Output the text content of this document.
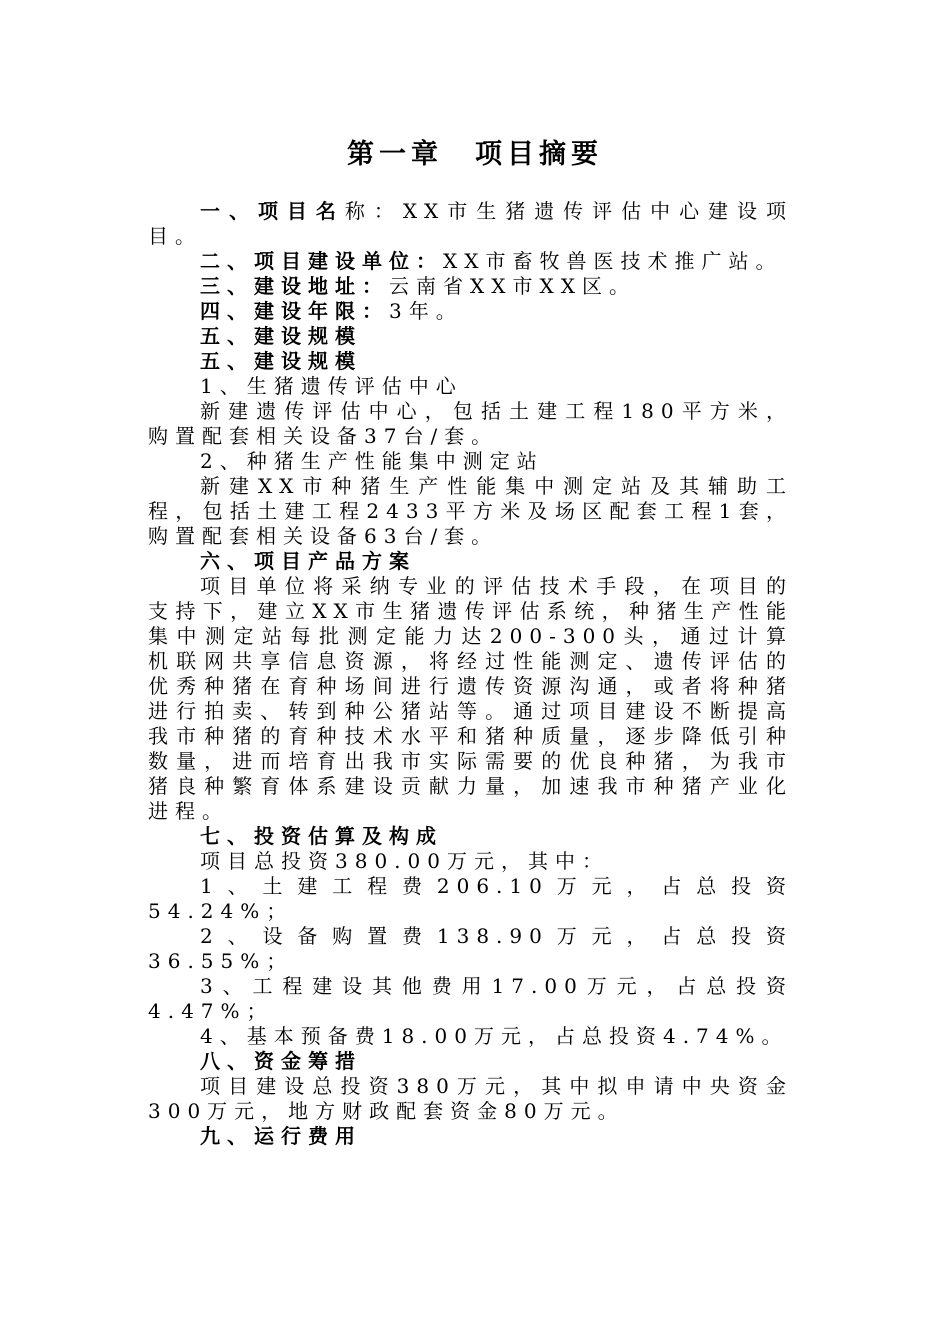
第一章　项目摘要

一、项目名称：XX市生猪遗传评估中心建设项目。

二、项目建设单位：XX市畜牧兽医技术推广站。

三、建设地址：云南省XX市XX区。

四、建设年限：3年。

五、建设规模

五、建设规模

1、生猪遗传评估中心

新建遗传评估中心，包括土建工程180平方米，购置配套相关设备37台/套。

2、种猪生产性能集中测定站

新建XX市种猪生产性能集中测定站及其辅助工程，包括土建工程2433平方米及场区配套工程1套，购置配套相关设备63台/套。

六、项目产品方案

项目单位将采纳专业的评估技术手段，在项目的支持下，建立XX市生猪遗传评估系统，种猪生产性能集中测定站每批测定能力达200-300头，通过计算机联网共享信息资源，将经过性能测定、遗传评估的优秀种猪在育种场间进行遗传资源沟通，或者将种猪进行拍卖、转到种公猪站等。通过项目建设不断提高我市种猪的育种技术水平和猪种质量，逐步降低引种数量，进而培育出我市实际需要的优良种猪，为我市猪良种繁育体系建设贡献力量，加速我市种猪产业化进程。

七、投资估算及构成

项目总投资380.00万元，其中：

1、土建工程费206.10万元，占总投资54.24%；

2、设备购置费138.90万元，占总投资36.55%；

3、工程建设其他费用17.00万元，占总投资4.47%；

4、基本预备费18.00万元，占总投资4.74%。

八、资金筹措

项目建设总投资380万元，其中拟申请中央资金300万元，地方财政配套资金80万元。

九、运行费用
